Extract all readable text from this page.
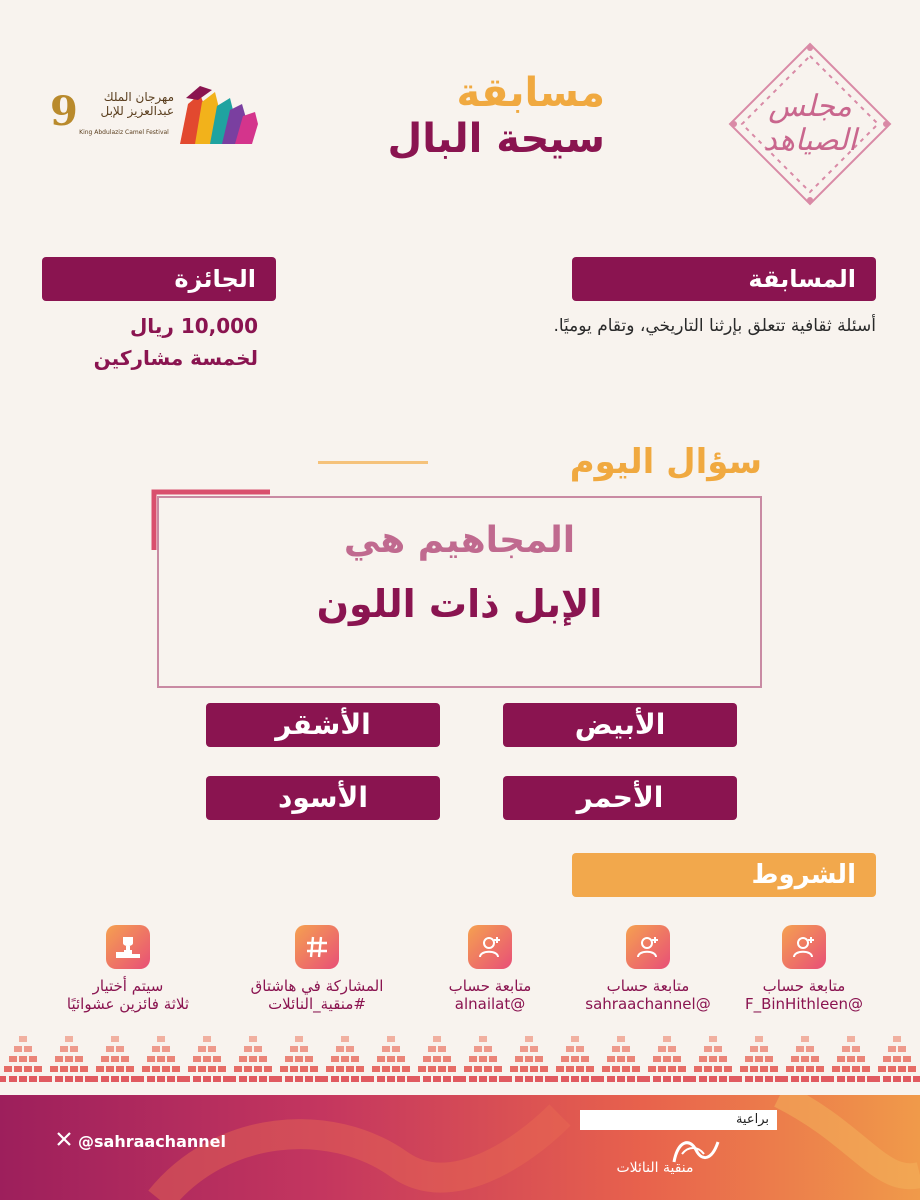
مجلس الصياهد
9	مهرجان الملك عبدالعزيز للإبل
King Abdulaziz Camel Festival
مسابقة
سيحة البال
الجائزة	المسابقة
10,000 ريال
لخمسة مشاركين
أسئلة ثقافية تتعلق بإرثنا التاريخي، وتقام يوميًا.
سؤال اليوم
المجاهيم هي
الإبل ذات اللون
الأبيض
الأشقر
الأحمر
الأسود
الشروط
متابعة حساب
@F_BinHithleen
متابعة حساب
@sahraachannel
متابعة حساب
@alnailat
المشاركة في هاشتاق
#منقية_النائلات
سيتم أختيار
ثلاثة فائزين عشوائيًا
@sahraachannel
براعية
منقية النائلات
